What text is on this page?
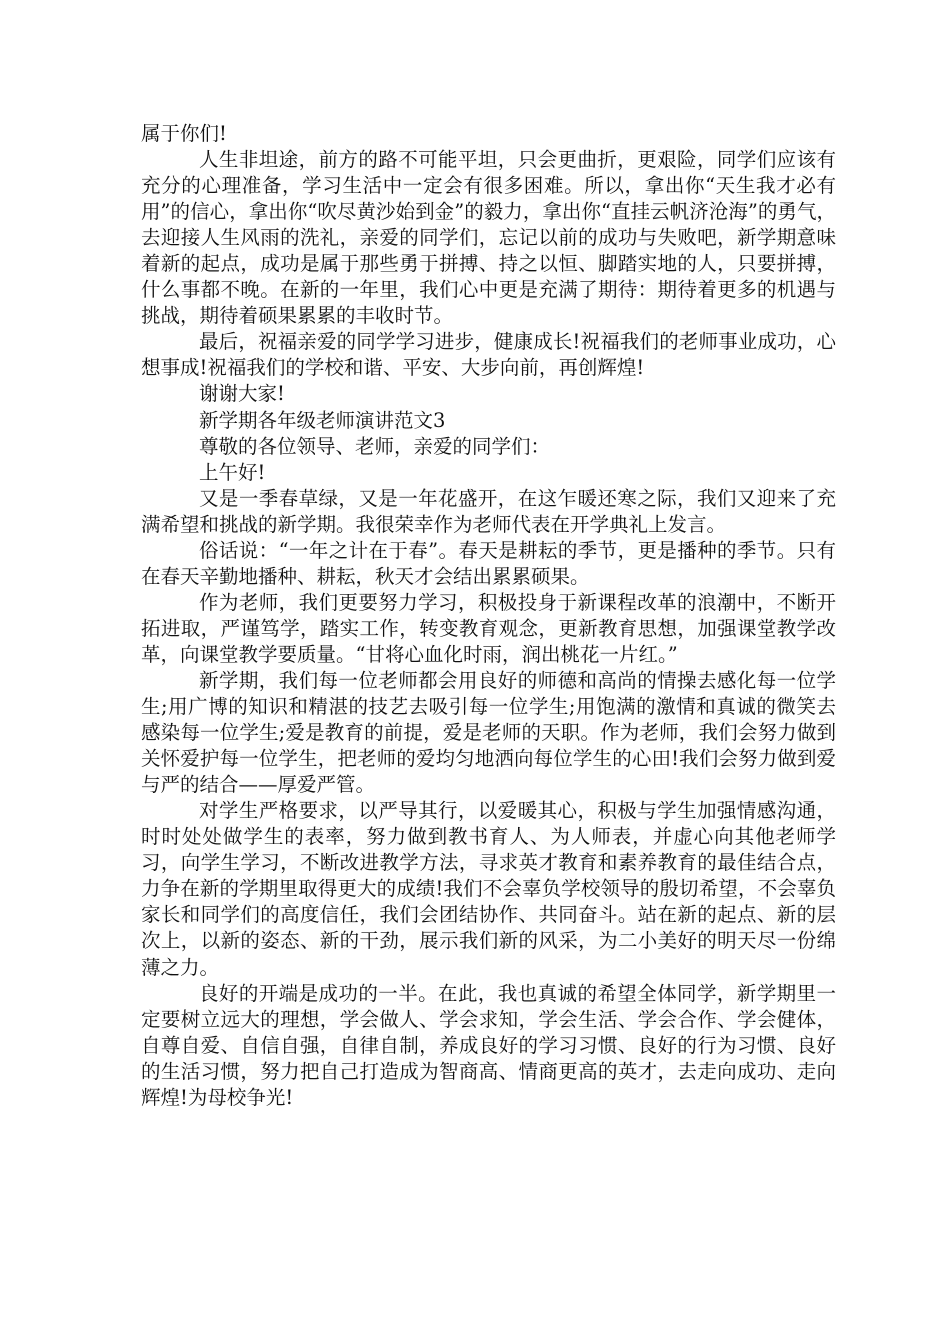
属于你们!

人生非坦途，前方的路不可能平坦，只会更曲折，更艰险，同学们应该有充分的心理准备，学习生活中一定会有很多困难。所以，拿出你“天生我才必有用”的信心，拿出你“吹尽黄沙始到金”的毅力，拿出你“直挂云帆济沧海”的勇气，去迎接人生风雨的洗礼，亲爱的同学们，忘记以前的成功与失败吧，新学期意味着新的起点，成功是属于那些勇于拼搏、持之以恒、脚踏实地的人，只要拼搏，什么事都不晚。在新的一年里，我们心中更是充满了期待：期待着更多的机遇与挑战，期待着硕果累累的丰收时节。

最后，祝福亲爱的同学学习进步，健康成长!祝福我们的老师事业成功，心想事成!祝福我们的学校和谐、平安、大步向前，再创辉煌!

谢谢大家!

新学期各年级老师演讲范文3

尊敬的各位领导、老师，亲爱的同学们：

上午好!

又是一季春草绿，又是一年花盛开，在这乍暖还寒之际，我们又迎来了充满希望和挑战的新学期。我很荣幸作为老师代表在开学典礼上发言。

俗话说：“一年之计在于春”。春天是耕耘的季节，更是播种的季节。只有在春天辛勤地播种、耕耘，秋天才会结出累累硕果。

作为老师，我们更要努力学习，积极投身于新课程改革的浪潮中，不断开拓进取，严谨笃学，踏实工作，转变教育观念，更新教育思想，加强课堂教学改革，向课堂教学要质量。“甘将心血化时雨，润出桃花一片红。”

新学期，我们每一位老师都会用良好的师德和高尚的情操去感化每一位学生;用广博的知识和精湛的技艺去吸引每一位学生;用饱满的激情和真诚的微笑去感染每一位学生;爱是教育的前提，爱是老师的天职。作为老师，我们会努力做到关怀爱护每一位学生，把老师的爱均匀地洒向每位学生的心田!我们会努力做到爱与严的结合——厚爱严管。

对学生严格要求，以严导其行，以爱暖其心，积极与学生加强情感沟通，时时处处做学生的表率，努力做到教书育人、为人师表，并虚心向其他老师学习，向学生学习，不断改进教学方法，寻求英才教育和素养教育的最佳结合点，力争在新的学期里取得更大的成绩!我们不会辜负学校领导的殷切希望，不会辜负家长和同学们的高度信任，我们会团结协作、共同奋斗。站在新的起点、新的层次上，以新的姿态、新的干劲，展示我们新的风采，为二小美好的明天尽一份绵薄之力。

良好的开端是成功的一半。在此，我也真诚的希望全体同学，新学期里一定要树立远大的理想，学会做人、学会求知，学会生活、学会合作、学会健体，自尊自爱、自信自强，自律自制，养成良好的学习习惯、良好的行为习惯、良好的生活习惯，努力把自己打造成为智商高、情商更高的英才，去走向成功、走向辉煌!为母校争光!
